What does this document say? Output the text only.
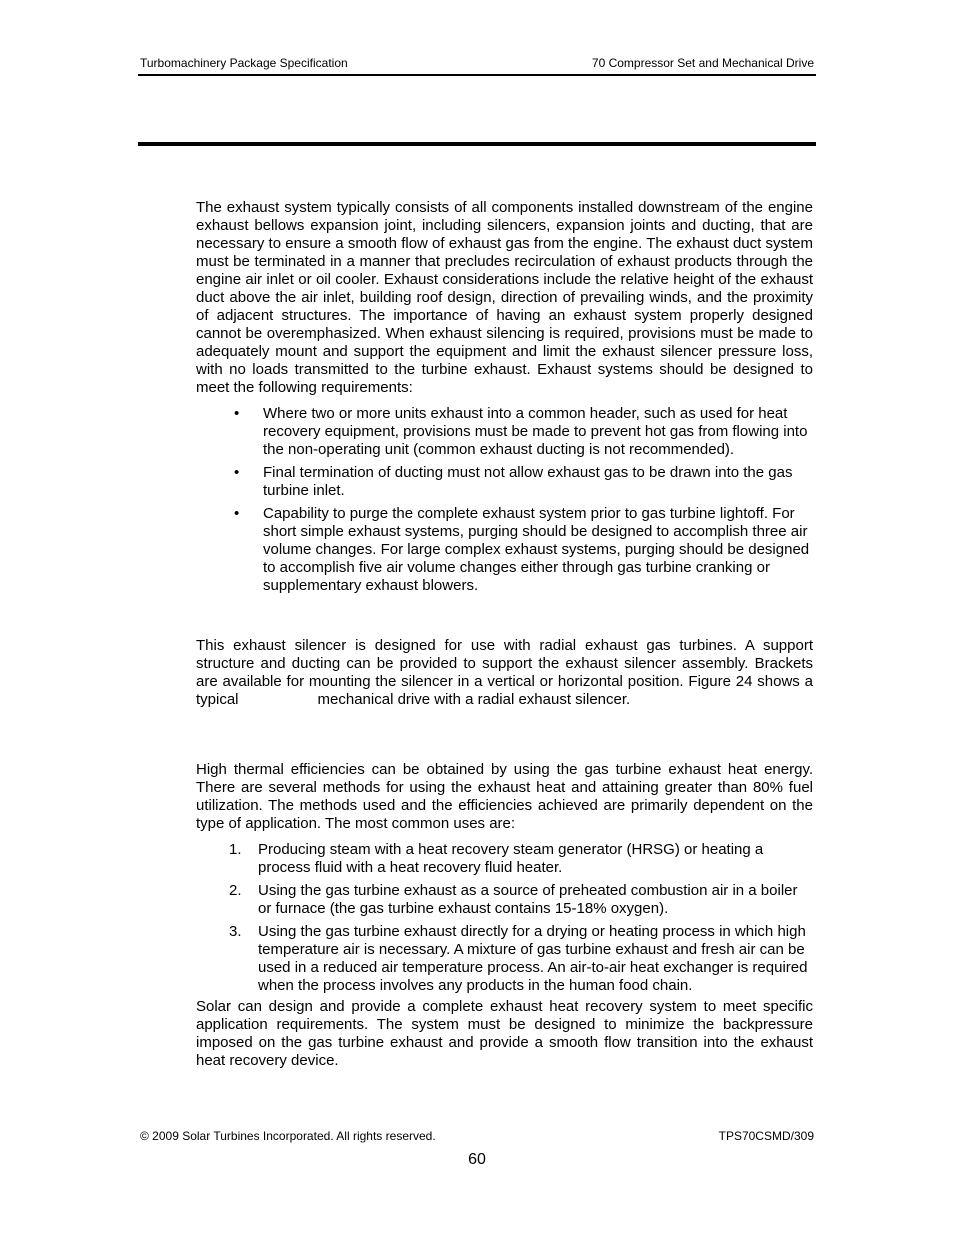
Turbomachinery Package Specification	70 Compressor Set and Mechanical Drive

The exhaust system typically consists of all components installed downstream of the engine exhaust bellows expansion joint, including silencers, expansion joints and ducting, that are necessary to ensure a smooth flow of exhaust gas from the engine. The exhaust duct system must be terminated in a manner that precludes recirculation of exhaust products through the engine air inlet or oil cooler. Exhaust considerations include the relative height of the exhaust duct above the air inlet, building roof design, direction of prevailing winds, and the proximity of adjacent structures. The importance of having an exhaust system properly designed cannot be overemphasized. When exhaust silencing is required, provisions must be made to adequately mount and support the equipment and limit the exhaust silencer pressure loss, with no loads transmitted to the turbine exhaust. Exhaust systems should be designed to meet the following requirements:

• Where two or more units exhaust into a common header, such as used for heat recovery equipment, provisions must be made to prevent hot gas from flowing into the non-operating unit (common exhaust ducting is not recommended).
• Final termination of ducting must not allow exhaust gas to be drawn into the gas turbine inlet.
• Capability to purge the complete exhaust system prior to gas turbine lightoff. For short simple exhaust systems, purging should be designed to accomplish three air volume changes. For large complex exhaust systems, purging should be designed to accomplish five air volume changes either through gas turbine cranking or supplementary exhaust blowers.

This exhaust silencer is designed for use with radial exhaust gas turbines. A support structure and ducting can be provided to support the exhaust silencer assembly. Brackets are available for mounting the silencer in a vertical or horizontal position. Figure 24 shows a typical	mechanical drive with a radial exhaust silencer.

High thermal efficiencies can be obtained by using the gas turbine exhaust heat energy. There are several methods for using the exhaust heat and attaining greater than 80% fuel utilization. The methods used and the efficiencies achieved are primarily dependent on the type of application. The most common uses are:

1. Producing steam with a heat recovery steam generator (HRSG) or heating a process fluid with a heat recovery fluid heater.
2. Using the gas turbine exhaust as a source of preheated combustion air in a boiler or furnace (the gas turbine exhaust contains 15-18% oxygen).
3. Using the gas turbine exhaust directly for a drying or heating process in which high temperature air is necessary. A mixture of gas turbine exhaust and fresh air can be used in a reduced air temperature process. An air-to-air heat exchanger is required when the process involves any products in the human food chain.

Solar can design and provide a complete exhaust heat recovery system to meet specific application requirements. The system must be designed to minimize the backpressure imposed on the gas turbine exhaust and provide a smooth flow transition into the exhaust heat recovery device.

© 2009 Solar Turbines Incorporated. All rights reserved.	TPS70CSMD/309
60
